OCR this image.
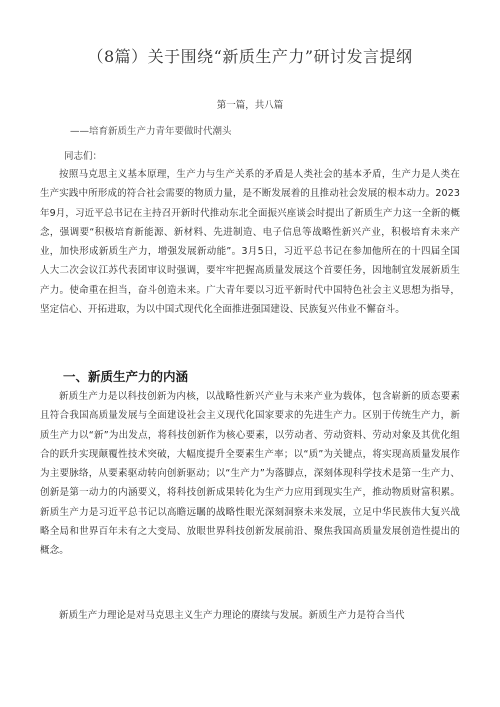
（8篇）关于围绕“新质生产力”研讨发言提纲
第一篇，共八篇
——培育新质生产力青年要做时代潮头
同志们：

按照马克思主义基本原理，生产力与生产关系的矛盾是人类社会的基本矛盾，生产力是人类在生产实践中所形成的符合社会需要的物质力量，是不断发展着的且推动社会发展的根本动力。2023年9月，习近平总书记在主持召开新时代推动东北全面振兴座谈会时提出了新质生产力这一全新的概念，强调要“积极培育新能源、新材料、先进制造、电子信息等战略性新兴产业，积极培育未来产业，加快形成新质生产力，增强发展新动能”。3月5日，习近平总书记在参加他所在的十四届全国人大二次会议江苏代表团审议时强调，要牢牢把握高质量发展这个首要任务，因地制宜发展新质生产力。使命重在担当，奋斗创造未来。广大青年要以习近平新时代中国特色社会主义思想为指导，坚定信心、开拓进取，为以中国式现代化全面推进强国建设、民族复兴伟业不懈奋斗。

一、新质生产力的内涵

新质生产力是以科技创新为内核，以战略性新兴产业与未来产业为载体，包含崭新的质态要素且符合我国高质量发展与全面建设社会主义现代化国家要求的先进生产力。区别于传统生产力，新质生产力以“新”为出发点，将科技创新作为核心要素，以劳动者、劳动资料、劳动对象及其优化组合的跃升实现颠覆性技术突破，大幅度提升全要素生产率；以“质”为关键点，将实现高质量发展作为主要脉络，从要素驱动转向创新驱动；以“生产力”为落脚点，深刻体现科学技术是第一生产力、创新是第一动力的内涵要义，将科技创新成果转化为生产力应用到现实生产，推动物质财富积累。新质生产力是习近平总书记以高瞻远瞩的战略性眼光深刻洞察未来发展，立足中华民族伟大复兴战略全局和世界百年未有之大变局、放眼世界科技创新发展前沿、聚焦我国高质量发展创造性提出的概念。

新质生产力理论是对马克思主义生产力理论的赓续与发展。新质生产力是符合当代
